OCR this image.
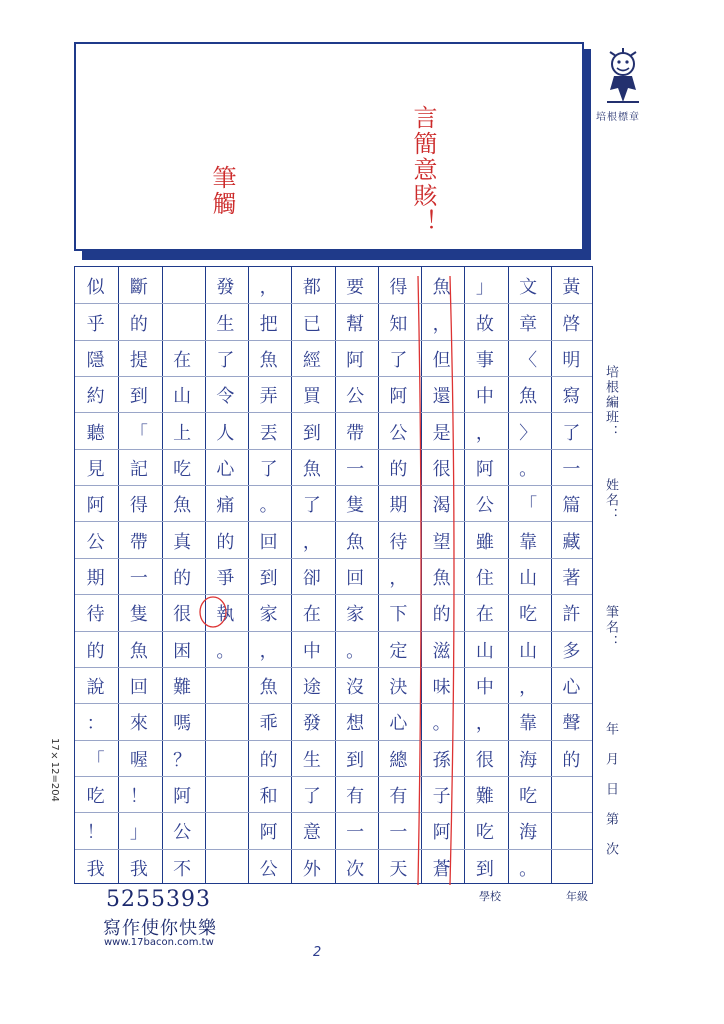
言簡意賅！
筆觸
培根標章
培根編班：
姓名：
筆名：
年　月　日　第　次
17×12=204
5255393
寫作使你快樂
www.17bacon.com.tw
學校	年級
2
黃
啓
明
寫
了
一
篇
藏
著
許
多
心
聲
的
文
章
〈
魚
〉
。
「
靠
山
吃
山
，
靠
海
吃
海
。
」
故
事
中
，
阿
公
雖
住
在
山
中
，
很
難
吃
到
魚
，
但
還
是
很
渴
望
魚
的
滋
味
。
孫
子
阿
蒼
得
知
了
阿
公
的
期
待
，
下
定
決
心
總
有
一
天
要
幫
阿
公
帶
一
隻
魚
回
家
。
沒
想
到
有
一
次
都
已
經
買
到
魚
了
，
卻
在
中
途
發
生
了
意
外
，
把
魚
弄
丟
了
。
回
到
家
，
魚
乖
的
和
阿
公
發
生
了
令
人
心
痛
的
爭
執
。

在
山
上
吃
魚
真
的
很
困
難
嗎
？
阿
公
不
斷
的
提
到
「
記
得
帶
一
隻
魚
回
來
喔
！
」
我
似
乎
隱
約
聽
見
阿
公
期
待
的
說
：
「
吃
！
我
